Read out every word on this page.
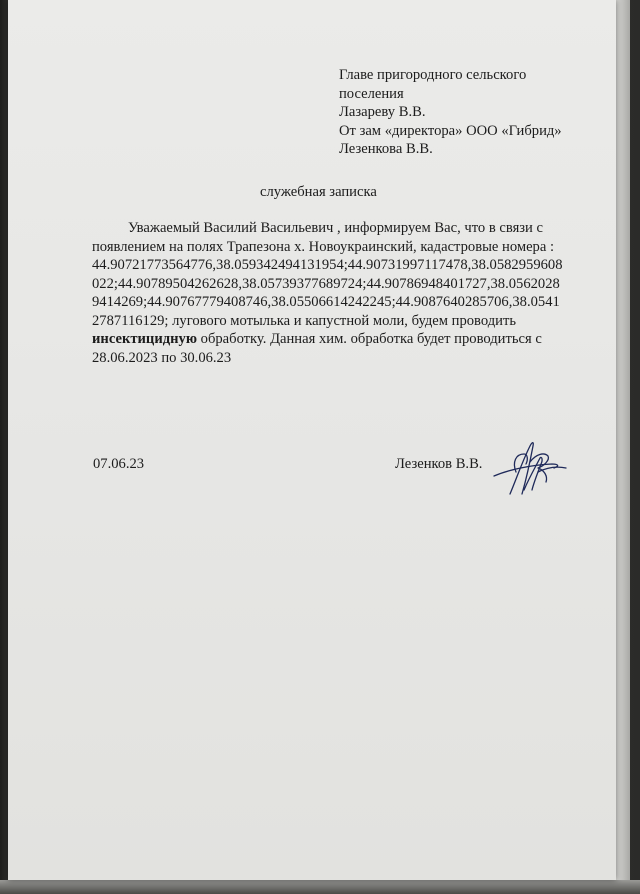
Главе пригородного сельского
поселения
Лазареву В.В.
От зам «директора» ООО «Гибрид»
Лезенкова В.В.
служебная записка
Уважаемый Василий Васильевич , информируем Вас, что в связи с
появлением на полях Трапезона х. Новоукраинский, кадастровые номера :
44.90721773564776,38.059342494131954;44.90731997117478,38.0582959608
022;44.90789504262628,38.05739377689724;44.90786948401727,38.0562028
9414269;44.90767779408746,38.05506614242245;44.9087640285706,38.0541
2787116129; лугового мотылька и капустной моли, будем проводить
инсектицидную обработку. Данная хим. обработка будет проводиться с
28.06.2023 по 30.06.23
07.06.23	Лезенков В.В.
